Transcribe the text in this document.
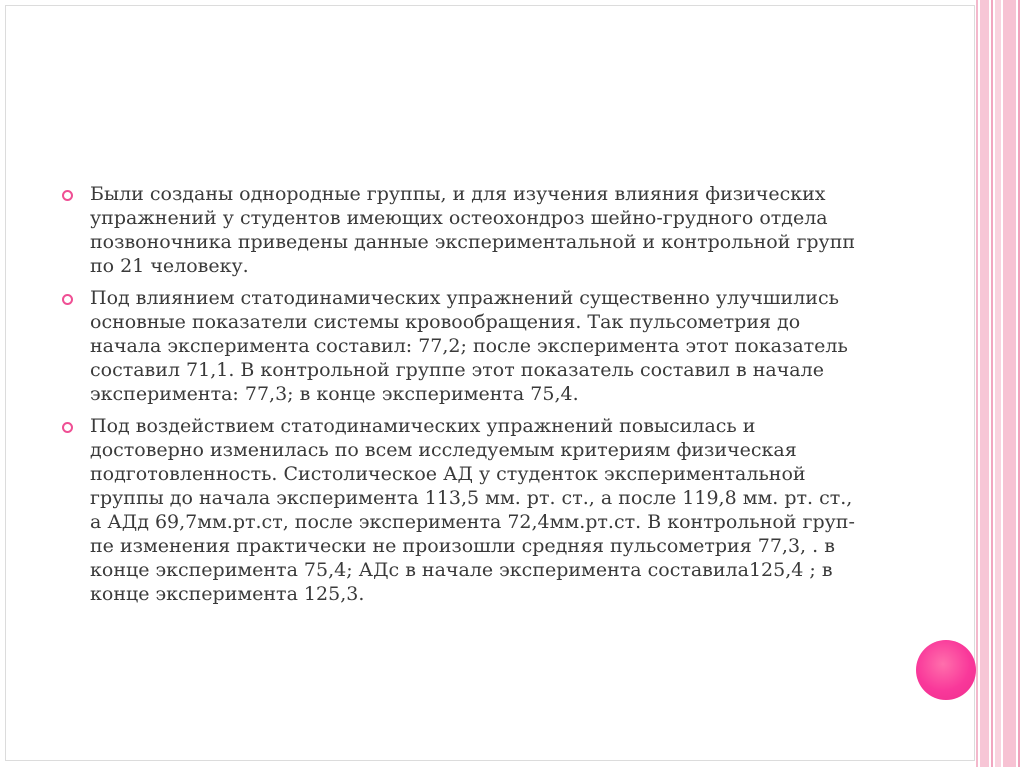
Были созданы однородные группы, и для изучения влияния физических упражнений у студентов имеющих остеохондроз шейно-грудного отдела позвоночника приведены данные экспериментальной и контрольной групп по 21 человеку.
Под влиянием статодинамических упражнений существенно улучшились основные показатели системы кровообращения. Так пульсометрия до начала эксперимента составил: 77,2; после эксперимента этот показатель составил 71,1. В контрольной группе этот показатель составил в начале эксперимента: 77,3; в конце эксперимента 75,4.
Под воздействием статодинамических упражнений повысилась и достоверно изменилась по всем исследуемым критериям физическая подготовленность. Систолическое АД у студенток экспериментальной группы до начала эксперимента 113,5 мм. рт. ст., а после 119,8 мм. рт. ст., а АДд 69,7мм.рт.ст, после эксперимента 72,4мм.рт.ст. В контрольной груп- пе изменения практически не произошли средняя пульсометрия 77,3, . в конце эксперимента 75,4; АДс в начале эксперимента составила125,4 ; в конце эксперимента 125,3.
